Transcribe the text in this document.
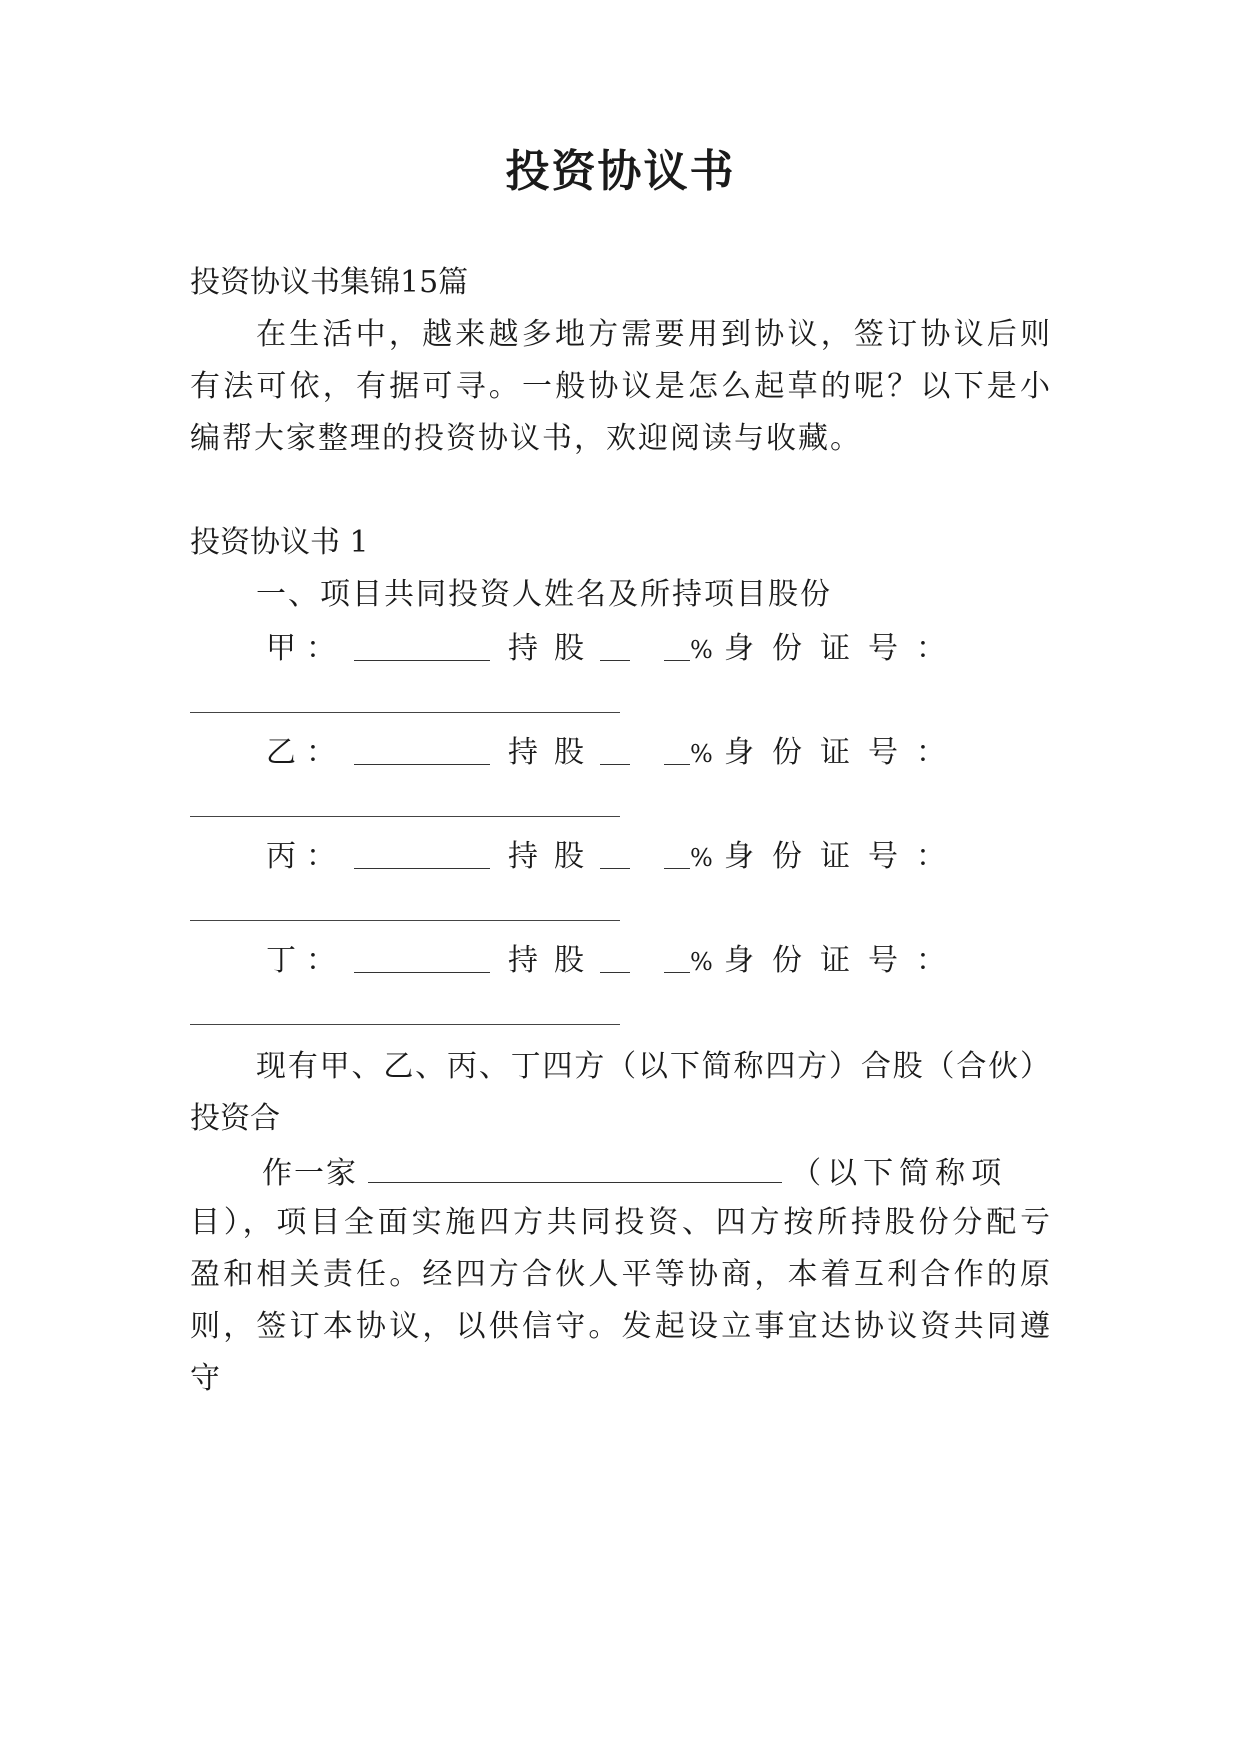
投资协议书
投资协议书集锦15篇
在生活中，越来越多地方需要用到协议，签订协议后则
有法可依，有据可寻。一般协议是怎么起草的呢？以下是小
编帮大家整理的投资协议书，欢迎阅读与收藏。
投资协议书 1
一、项目共同投资人姓名及所持项目股份
甲 ：	持 股	% 身 份 证 号 ：
乙 ：	持 股	% 身 份 证 号 ：
丙 ：	持 股	% 身 份 证 号 ：
丁 ：	持 股	% 身 份 证 号 ：
现有甲、乙、丙、丁四方（以下简称四方）合股（合伙）
投资合
作一家	（以下简称项
目），项目全面实施四方共同投资、四方按所持股份分配亏
盈和相关责任。经四方合伙人平等协商，本着互利合作的原
则，签订本协议，以供信守。发起设立事宜达协议资共同遵
守
